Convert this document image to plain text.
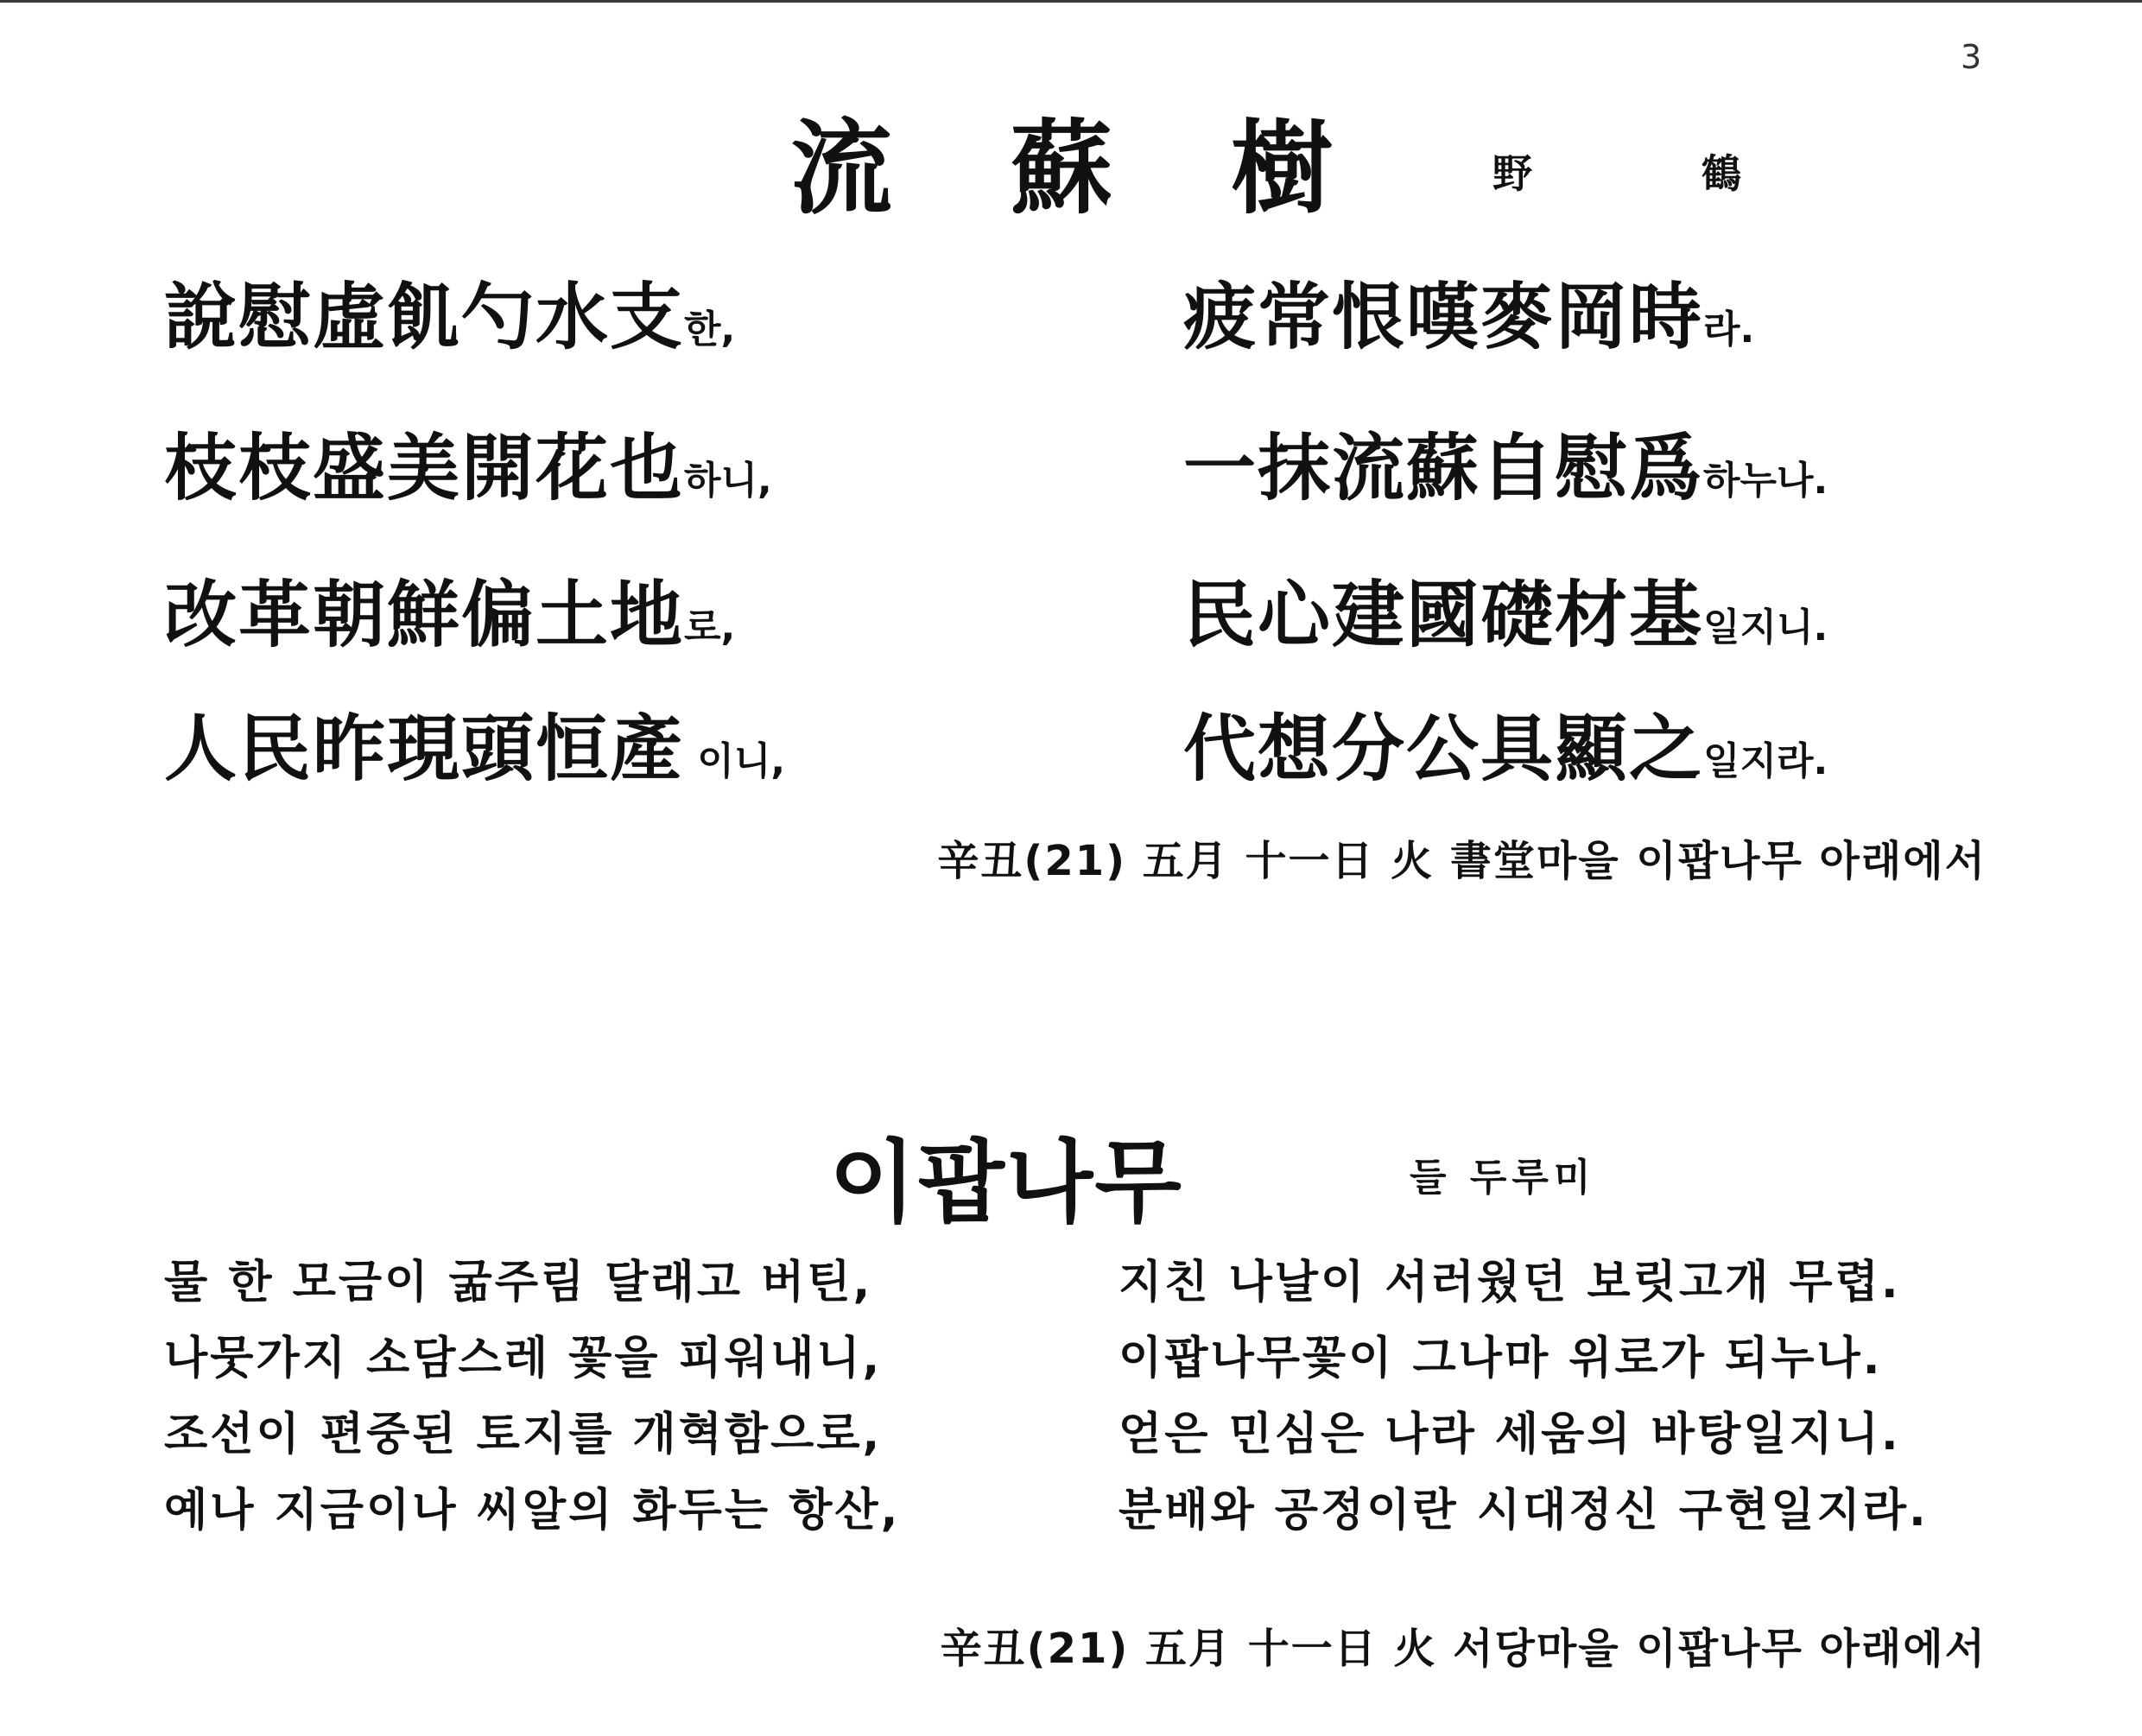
3
流 蘇 樹	野 鶴
說慰虛飢勺水支한,
枝枝盛美開花也하니,
改革朝鮮偏土地로,
人民昨現頭恒產 이니,
疲常恨嘆麥岡時라.
一抹流蘇自慰爲하누나.
民心建國礎材基일지니.
代想分公具顯之일지라.
辛丑(21) 五月 十一日 火 書堂마을 이팝나무 아래에서
이팝나무	들 두루미
물 한 모금이 굶주림 달래고 버틴,
나뭇가지 소담스레 꽃을 피워내니,
조선이 편중된 토지를 개혁함으로,
예나 지금이나 씨알의 화두는 항산,
지친 나날이 서러웠던 보릿고개 무렵.
이팝나무꽃이 그나마 위로가 되누나.
얻은 민심은 나라 세움의 바탕일지니.
분배와 공정이란 시대정신 구현일지라.
辛丑(21) 五月 十一日 火 서당마을 이팝나무 아래에서
